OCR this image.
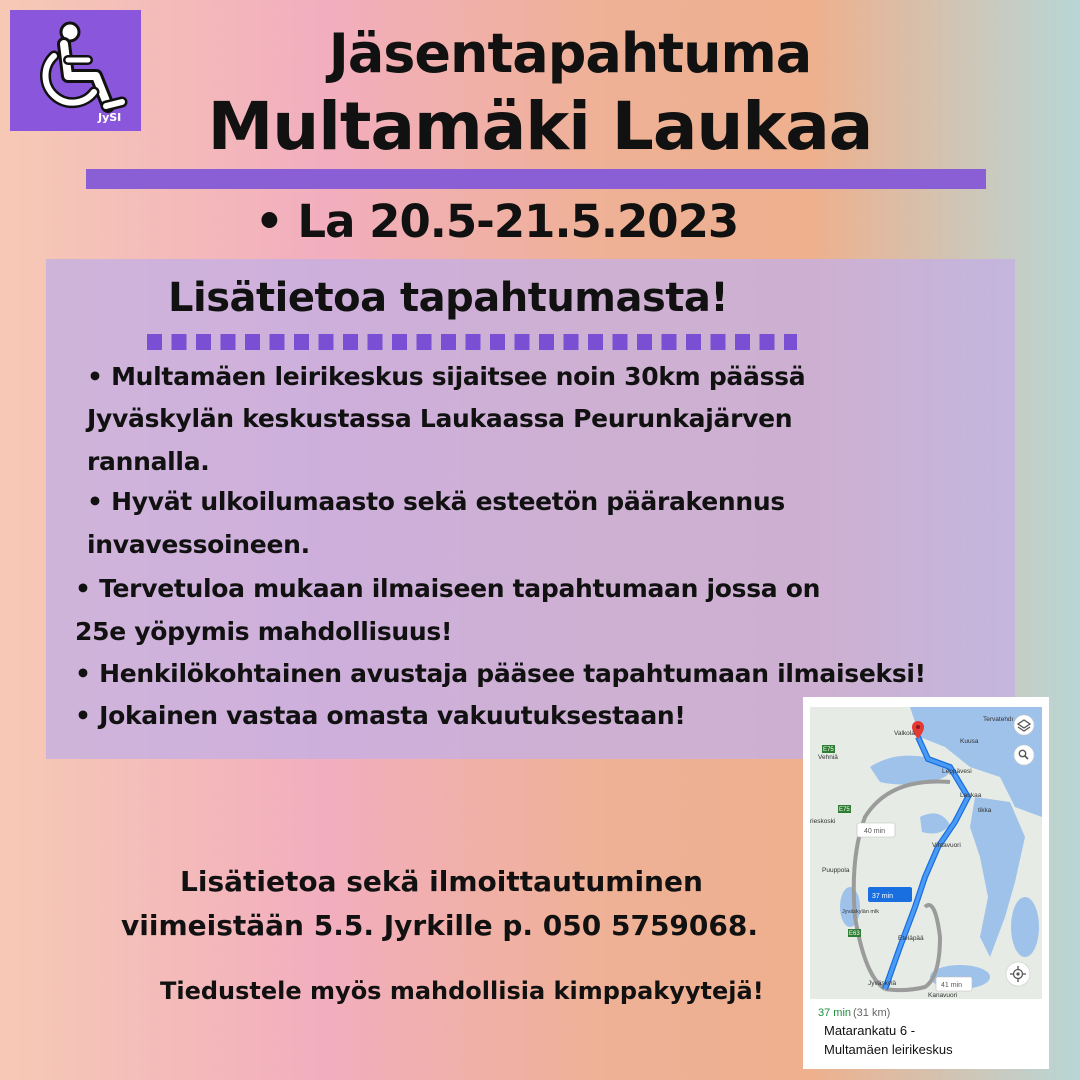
JySI
Jäsentapahtuma
Multamäki Laukaa
• La 20.5-21.5.2023
Lisätietoa tapahtumasta!
• Multamäen leirikeskus sijaitsee noin 30km päässä
Jyväskylän keskustassa Laukaassa Peurunkajärven
rannalla.
• Hyvät ulkoilumaasto sekä esteetön päärakennus
invavessoineen.
• Tervetuloa mukaan ilmaiseen tapahtumaan jossa on
25e yöpymis mahdollisuus!
• Henkilökohtainen avustaja pääsee tapahtumaan ilmaiseksi!
• Jokainen vastaa omasta vakuutuksestaan!
Lisätietoa sekä ilmoittautuminen
viimeistään 5.5. Jyrkille p. 050 5759068.
Tiedustele myös mahdollisia kimppakyytejä!
E75
E75
E63
Tervatehdı
Valkola
Kuusa
Vehniä
Leppävesi
Laukaa
tikka
rieskoski
Vihtavuori
Puuppola
Jyväskylän mlk
Eteläpää
Jyväskylä
Kanavuori
40 min
37 min
41 min
37 min (31 km)
Matarankatu 6 -
Multamäen leirikeskus
